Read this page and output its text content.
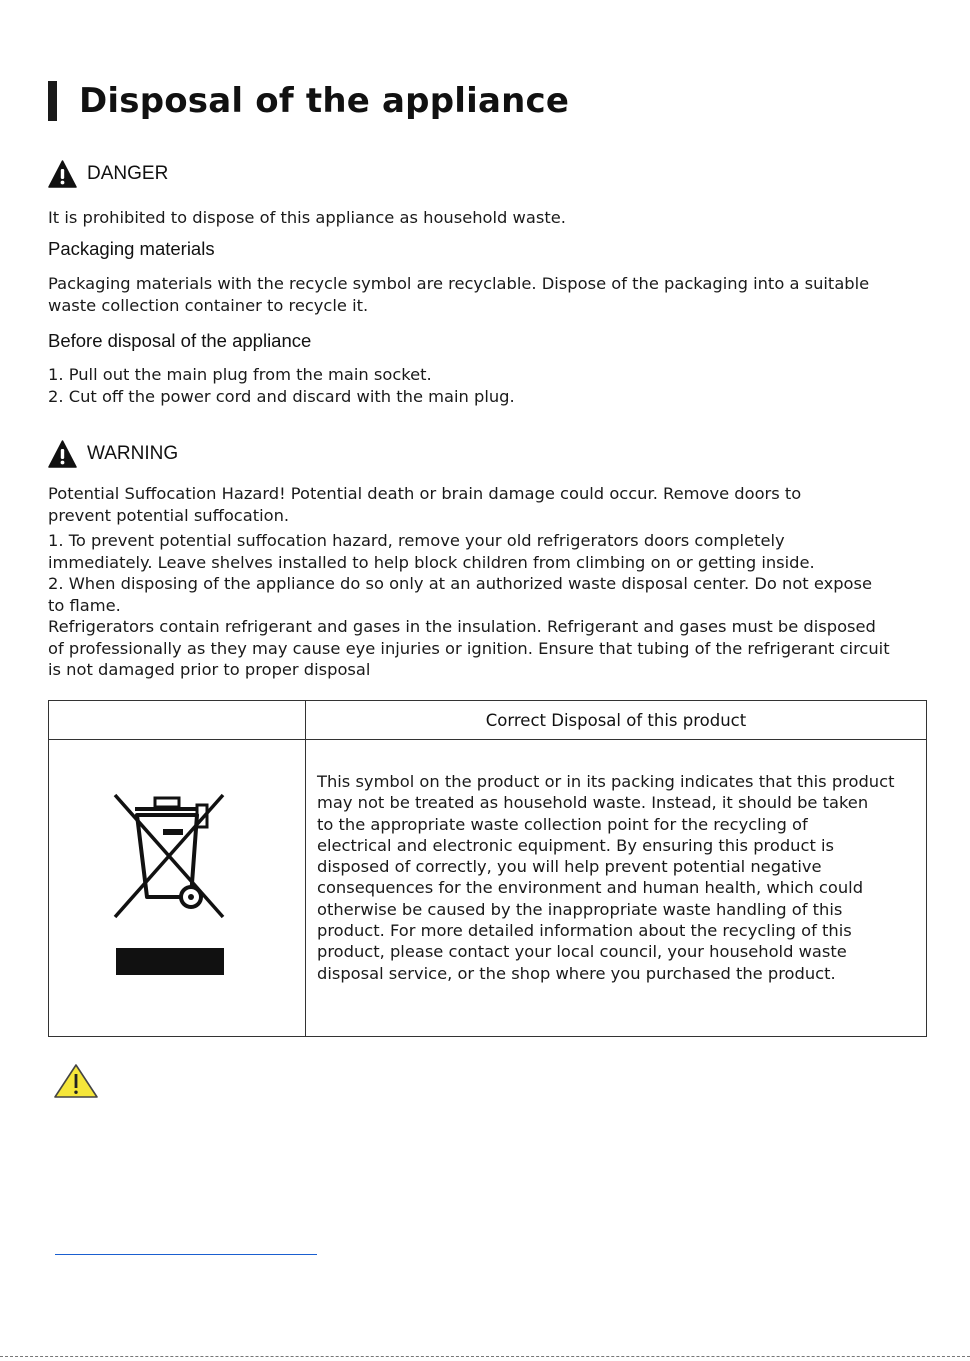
Disposal of the appliance
DANGER
It is prohibited to dispose of this appliance as household waste.
Packaging materials
Packaging materials with the recycle symbol are recyclable. Dispose of the packaging into a suitable
waste collection container to recycle it.
Before disposal of the appliance
1. Pull out the main plug from the main socket.
2. Cut off the power cord and discard with the main plug.
WARNING
Potential Suffocation Hazard! Potential death or brain damage could occur. Remove doors to
prevent potential suffocation.
1. To prevent potential suffocation hazard, remove your old refrigerators doors completely
immediately. Leave shelves installed to help block children from climbing on or getting inside.
2. When disposing of the appliance do so only at an authorized waste disposal center. Do not expose
to flame.
Refrigerators contain refrigerant and gases in the insulation. Refrigerant and gases must be disposed
of professionally as they may cause eye injuries or ignition. Ensure that tubing of the refrigerant circuit
is not damaged prior to proper disposal
Correct Disposal of this product
This symbol on the product or in its packing indicates that this product
may not be treated as household waste. Instead, it should be taken
to the appropriate waste collection point for the recycling of
electrical and electronic equipment. By ensuring this product is
disposed of correctly, you will help prevent potential negative
consequences for the environment and human health, which could
otherwise be caused by the inappropriate waste handling of this
product. For more detailed information about the recycling of this
product, please contact your local council, your household waste
disposal service, or the shop where you purchased the product.
